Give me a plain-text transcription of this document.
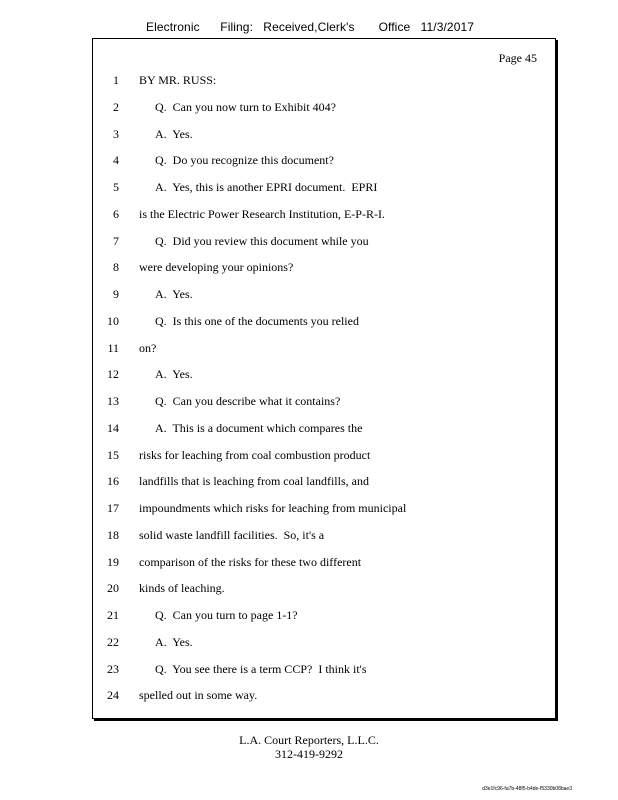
Electronic      Filing:   Received,Clerk's       Office   11/3/2017
Page 45
1 BY MR. RUSS:
2	Q.  Can you now turn to Exhibit 404?
3	A.  Yes.
4	Q.  Do you recognize this document?
5	A.  Yes, this is another EPRI document.  EPRI
6 is the Electric Power Research Institution, E-P-R-I.
7	Q.  Did you review this document while you
8 were developing your opinions?
9	A.  Yes.
10	Q.  Is this one of the documents you relied
11 on?
12	A.  Yes.
13	Q.  Can you describe what it contains?
14	A.  This is a document which compares the
15 risks for leaching from coal combustion product
16 landfills that is leaching from coal landfills, and
17 impoundments which risks for leaching from municipal
18 solid waste landfill facilities.  So, it's a
19 comparison of the risks for these two different
20 kinds of leaching.
21	Q.  Can you turn to page 1-1?
22	A.  Yes.
23	Q.  You see there is a term CCP?  I think it's
24 spelled out in some way.
L.A. Court Reporters, L.L.C.
312-419-9292
d3e1fc96-fa7b-48f5-b4de-f5330b08bae3
